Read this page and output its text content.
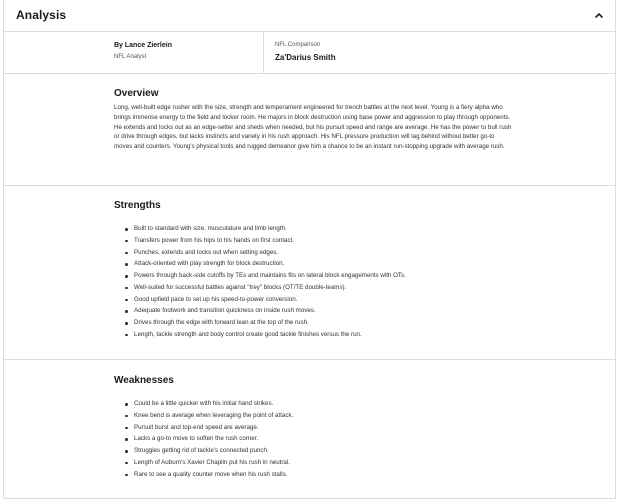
Analysis
By Lance Zierlein
NFL Analyst
NFL Comparison
Za'Darius Smith
Overview
Long, well-built edge rusher with the size, strength and temperament engineered for trench battles at the next level. Young is a fiery alpha who brings immense energy to the field and locker room. He majors in block destruction using base power and aggression to play through opponents. He extends and locks out as an edge-setter and sheds when needed, but his pursuit speed and range are average. He has the power to bull rush or drive through edges, but lacks instincts and variety in his rush approach. His NFL pressure production will lag behind without better go-to moves and counters. Young's physical tools and rugged demeanor give him a chance to be an instant run-stopping upgrade with average rush.
Strengths
Built to standard with size, musculature and limb length.
Transfers power from his hips to his hands on first contact.
Punches, extends and locks out when setting edges.
Attack-oriented with play strength for block destruction.
Powers through back-side cutoffs by TEs and maintains fits on lateral block engagements with OTs.
Well-suited for successful battles against "trey" blocks (OT/TE double-teams).
Good upfield pace to set up his speed-to-power conversion.
Adequate footwork and transition quickness on inside rush moves.
Drives through the edge with forward lean at the top of the rush.
Length, tackle strength and body control create good tackle finishes versus the run.
Weaknesses
Could be a little quicker with his initial hand strikes.
Knee bend is average when leveraging the point of attack.
Pursuit burst and top-end speed are average.
Lacks a go-to move to soften the rush corner.
Struggles getting rid of tackle's connected punch.
Length of Auburn's Xavier Chaplin put his rush in neutral.
Rare to see a quality counter move when his rush stalls.
